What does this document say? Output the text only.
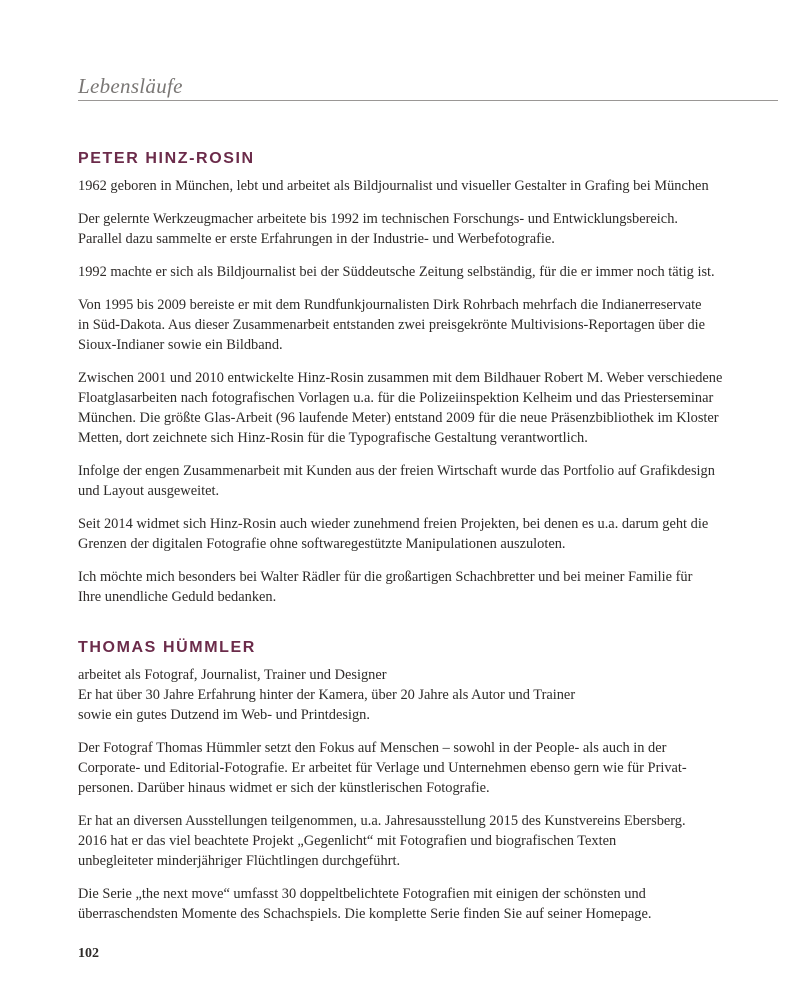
Lebensläufe
PETER HINZ-ROSIN

1962 geboren in München, lebt und arbeitet als Bildjournalist und visueller Gestalter in Grafing bei München

Der gelernte Werkzeugmacher arbeitete bis 1992 im technischen Forschungs- und Entwicklungsbereich.
Parallel dazu sammelte er erste Erfahrungen in der Industrie- und Werbefotografie.

1992 machte er sich als Bildjournalist bei der Süddeutsche Zeitung selbständig, für die er immer noch tätig ist.

Von 1995 bis 2009 bereiste er mit dem Rundfunkjournalisten Dirk Rohrbach mehrfach die Indianerreservate
in Süd-Dakota. Aus dieser Zusammenarbeit entstanden zwei preisgekrönte Multivisions-Reportagen über die
Sioux-Indianer sowie ein Bildband.

Zwischen 2001 und 2010 entwickelte Hinz-Rosin zusammen mit dem Bildhauer Robert M. Weber verschiedene
Floatglasarbeiten nach fotografischen Vorlagen u.a. für die Polizeiinspektion Kelheim und das Priesterseminar
München. Die größte Glas-Arbeit (96 laufende Meter) entstand 2009 für die neue Präsenzbibliothek im Kloster
Metten, dort zeichnete sich Hinz-Rosin für die Typografische Gestaltung verantwortlich.

Infolge der engen Zusammenarbeit mit Kunden aus der freien Wirtschaft wurde das Portfolio auf Grafikdesign
und Layout ausgeweitet.

Seit 2014 widmet sich Hinz-Rosin auch wieder zunehmend freien Projekten, bei denen es u.a. darum geht die
Grenzen der digitalen Fotografie ohne softwaregestützte Manipulationen auszuloten.

Ich möchte mich besonders bei Walter Rädler für die großartigen Schachbretter und bei meiner Familie für
Ihre unendliche Geduld bedanken.

THOMAS HÜMMLER

arbeitet als Fotograf, Journalist, Trainer und Designer
Er hat über 30 Jahre Erfahrung hinter der Kamera, über 20 Jahre als Autor und Trainer
sowie ein gutes Dutzend im Web- und Printdesign.

Der Fotograf Thomas Hümmler setzt den Fokus auf Menschen – sowohl in der People- als auch in der
Corporate- und Editorial-Fotografie. Er arbeitet für Verlage und Unternehmen ebenso gern wie für Privat-
personen. Darüber hinaus widmet er sich der künstlerischen Fotografie.

Er hat an diversen Ausstellungen teilgenommen, u.a. Jahresausstellung 2015 des Kunstvereins Ebersberg.
2016 hat er das viel beachtete Projekt „Gegenlicht“ mit Fotografien und biografischen Texten
unbegleiteter minderjähriger Flüchtlingen durchgeführt.

Die Serie „the next move“ umfasst 30 doppeltbelichtete Fotografien mit einigen der schönsten und
überraschendsten Momente des Schachspiels. Die komplette Serie finden Sie auf seiner Homepage.

102
